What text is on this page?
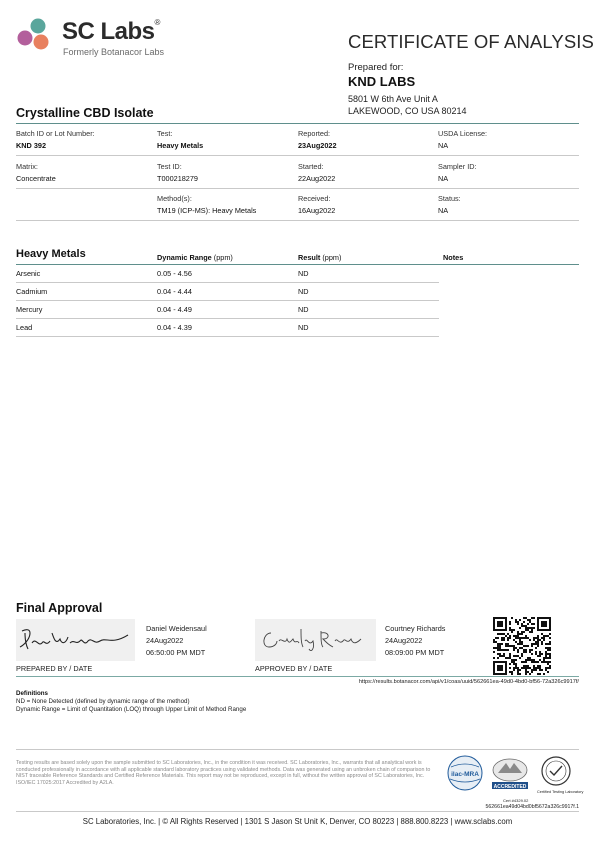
SC Labs®
Formerly Botanacor Labs	CERTIFICATE OF ANALYSIS
Prepared for:
KND LABS
5801 W 6th Ave Unit A
LAKEWOOD, CO USA 80214
Crystalline CBD Isolate
Batch ID or Lot Number:
KND 392
Test:
Heavy Metals
Reported:
23Aug2022
USDA License:
NA
Matrix:
Concentrate
Test ID:
T000218279
Started:
22Aug2022
Sampler ID:
NA
Method(s):
TM19 (ICP-MS): Heavy Metals
Received:
16Aug2022
Status:
NA
Heavy Metals	Dynamic Range (ppm)	Result (ppm)	Notes
Arsenic	0.05 - 4.56	ND
Cadmium	0.04 - 4.44	ND
Mercury	0.04 - 4.49	ND
Lead	0.04 - 4.39	ND
Final Approval
Daniel Weidensaul
24Aug2022
06:50:00 PM MDT
PREPARED BY / DATE
Courtney Richards
24Aug2022
08:09:00 PM MDT
APPROVED BY / DATE
https://results.botanacor.com/api/v1/coas/uuid/562661ea-49d0-4bd0-bf56-72a326c9917f/
Definitions
ND = None Detected (defined by dynamic range of the method)
Dynamic Range = Limit of Quantitation (LOQ) through Upper Limit of Method Range
Testing results are based solely upon the sample submitted to SC Laboratories, Inc., in the condition it was received. SC Laboratories, Inc., warrants that all analytical work is conducted professionally in accordance with all applicable standard laboratory practices using validated methods. Data was generated using an unbroken chain of comparison to NIST traceable Reference Standards and Certified Reference Materials. This report may not be reproduced, except in full, without the written approval of SC Laboratories, Inc. ISO/IEC 17025:2017 Accredited by A2LA.
ilac-MRA
ACCREDITED
Certified Testing Laboratory
Cert #4329.02
562661ea49d04bd0bf5672a326c9917f.1
SC Laboratories, Inc. | © All Rights Reserved | 1301 S Jason St Unit K, Denver, CO 80223 | 888.800.8223 | www.sclabs.com
